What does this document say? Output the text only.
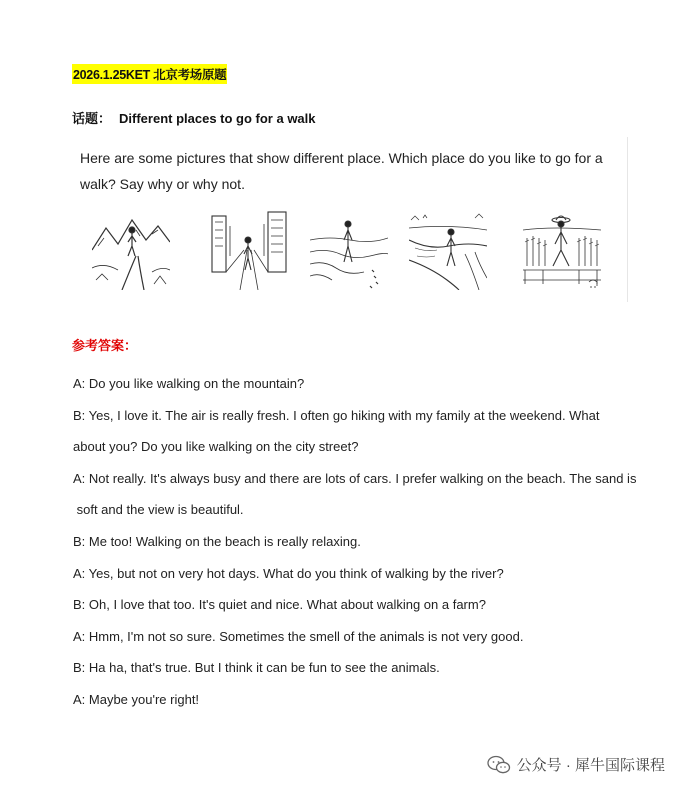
2026.1.25KET 北京考场原题
话题： Different places to go for a walk
Here are some pictures that show different place. Which place do you like to go for a
walk? Say why or why not.
参考答案：
A: Do you like walking on the mountain?
B: Yes, I love it. The air is really fresh. I often go hiking with my family at the weekend. What
about you? Do you like walking on the city street?
A: Not really. It's always busy and there are lots of cars. I prefer walking on the beach. The sand is
soft and the view is beautiful.
B: Me too! Walking on the beach is really relaxing.
A: Yes, but not on very hot days. What do you think of walking by the river?
B: Oh, I love that too. It's quiet and nice. What about walking on a farm?
A: Hmm, I'm not so sure. Sometimes the smell of the animals is not very good.
B: Ha ha, that's true. But I think it can be fun to see the animals.
A: Maybe you're right!
公众号 · 犀牛国际课程
